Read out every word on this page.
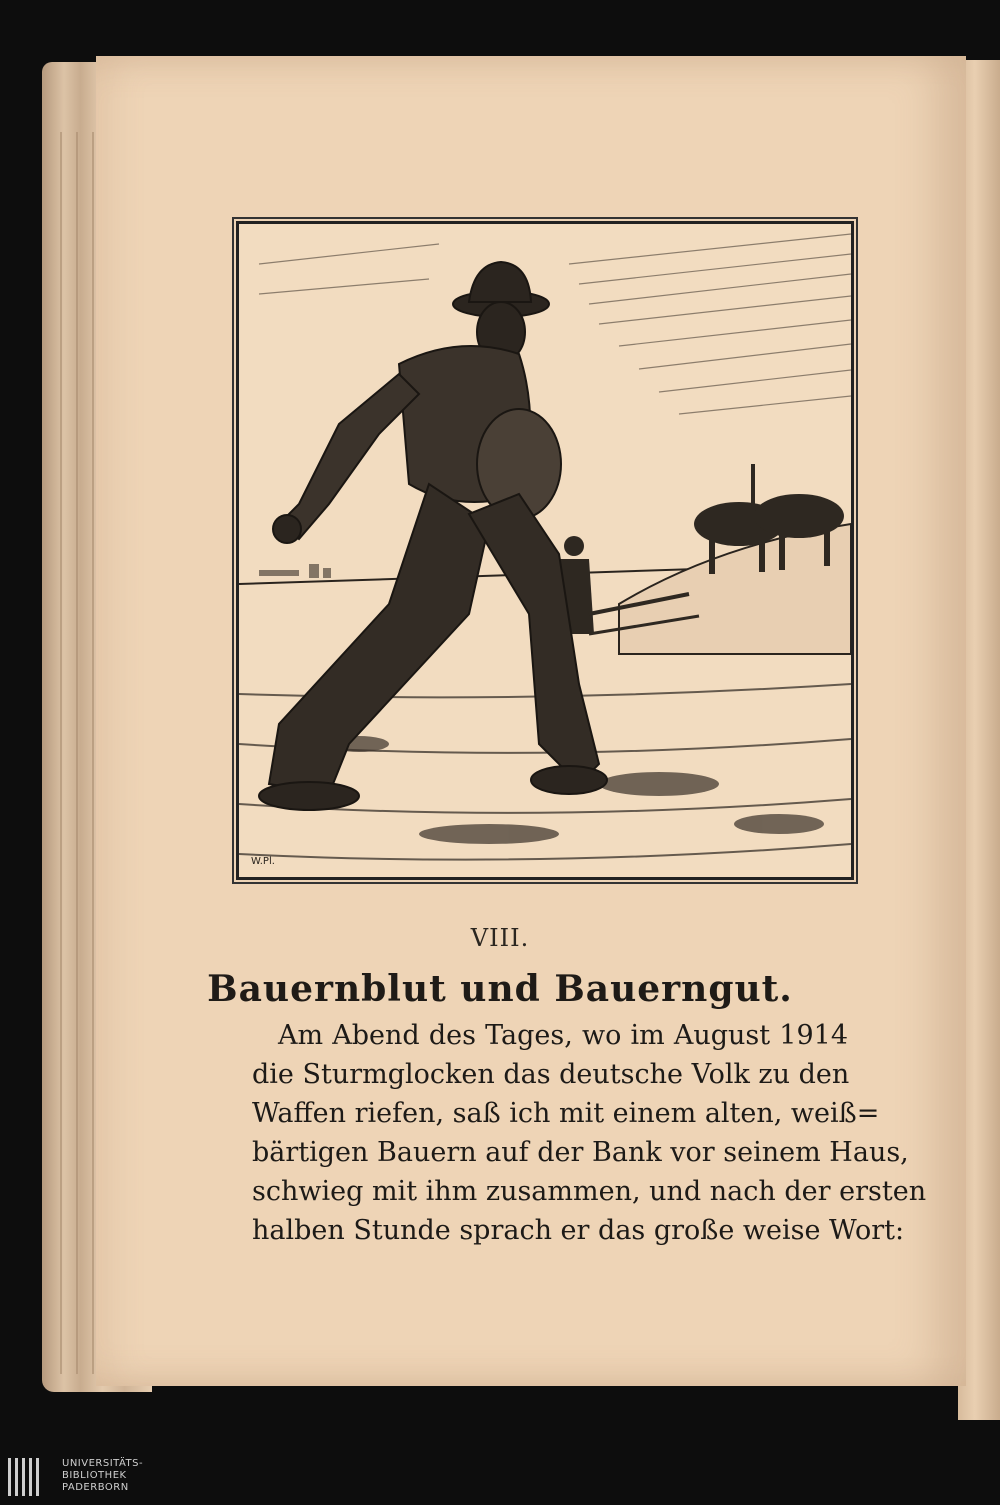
W.Pl.
VIII.
Bauernblut und Bauerngut.
Am Abend des Tages, wo im August 1914
die Sturmglocken das deutsche Volk zu den
Waffen riefen, saß ich mit einem alten, weiß=
bärtigen Bauern auf der Bank vor seinem Haus,
schwieg mit ihm zusammen, und nach der ersten
halben Stunde sprach er das große weise Wort:
UNIVERSITÄTS-
BIBLIOTHEK
PADERBORN
